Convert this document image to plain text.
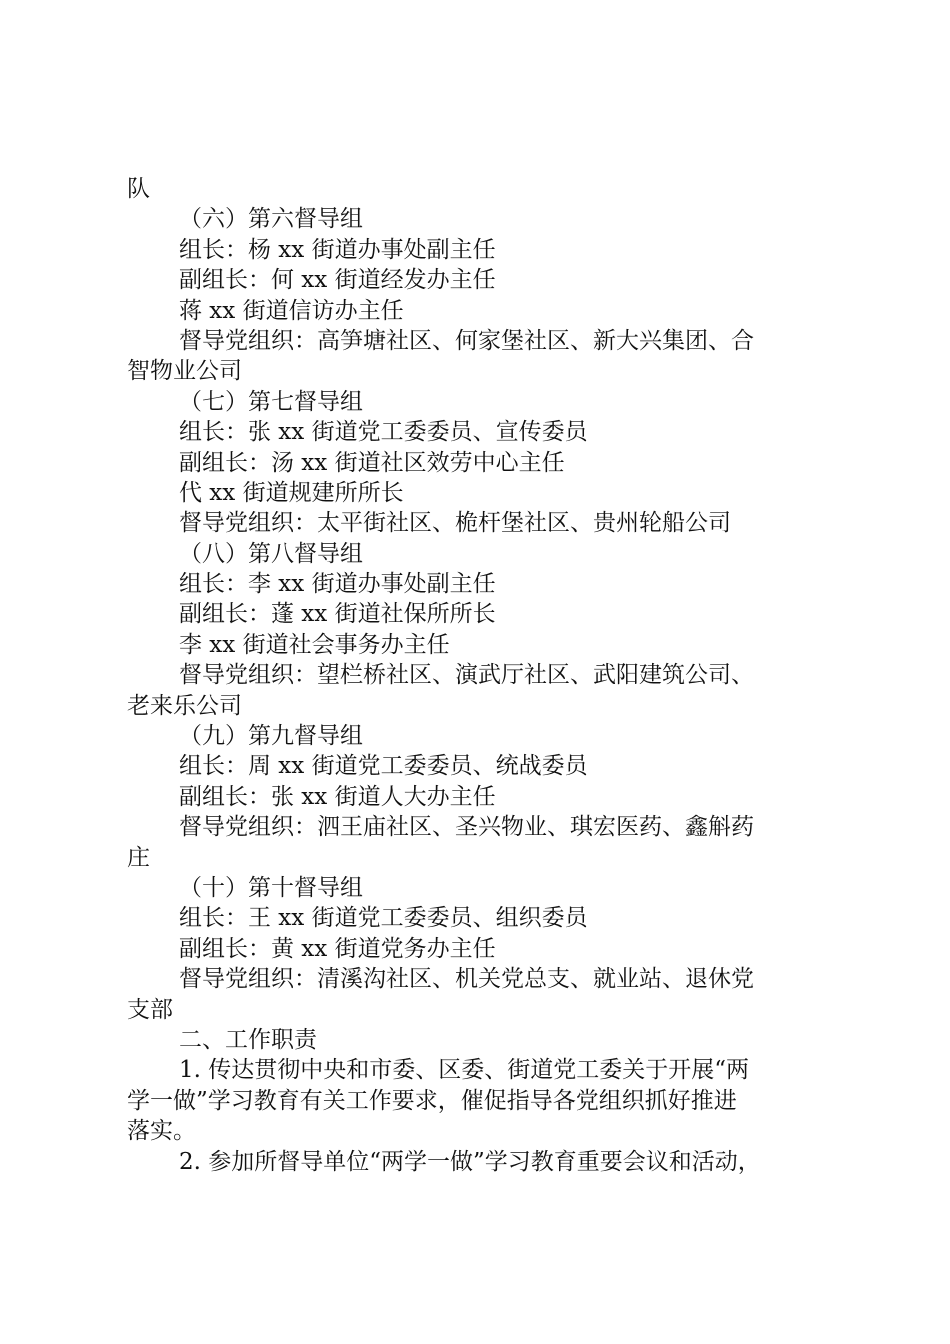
队
（六）第六督导组
组长：杨 xx 街道办事处副主任
副组长：何 xx 街道经发办主任
蒋 xx 街道信访办主任
督导党组织：高笋塘社区、何家堡社区、新大兴集团、合
智物业公司
（七）第七督导组
组长：张 xx 街道党工委委员、宣传委员
副组长：汤 xx 街道社区效劳中心主任
代 xx 街道规建所所长
督导党组织：太平街社区、桅杆堡社区、贵州轮船公司
（八）第八督导组
组长：李 xx 街道办事处副主任
副组长：蓬 xx 街道社保所所长
李 xx 街道社会事务办主任
督导党组织：望栏桥社区、演武厅社区、武阳建筑公司、
老来乐公司
（九）第九督导组
组长：周 xx 街道党工委委员、统战委员
副组长：张 xx 街道人大办主任
督导党组织：泗王庙社区、圣兴物业、琪宏医药、鑫斛药
庄
（十）第十督导组
组长：王 xx 街道党工委委员、组织委员
副组长：黄 xx 街道党务办主任
督导党组织：清溪沟社区、机关党总支、就业站、退休党
支部
二、工作职责
1. 传达贯彻中央和市委、区委、街道党工委关于开展“两
学一做”学习教育有关工作要求，催促指导各党组织抓好推进
落实。
2. 参加所督导单位“两学一做”学习教育重要会议和活动，
